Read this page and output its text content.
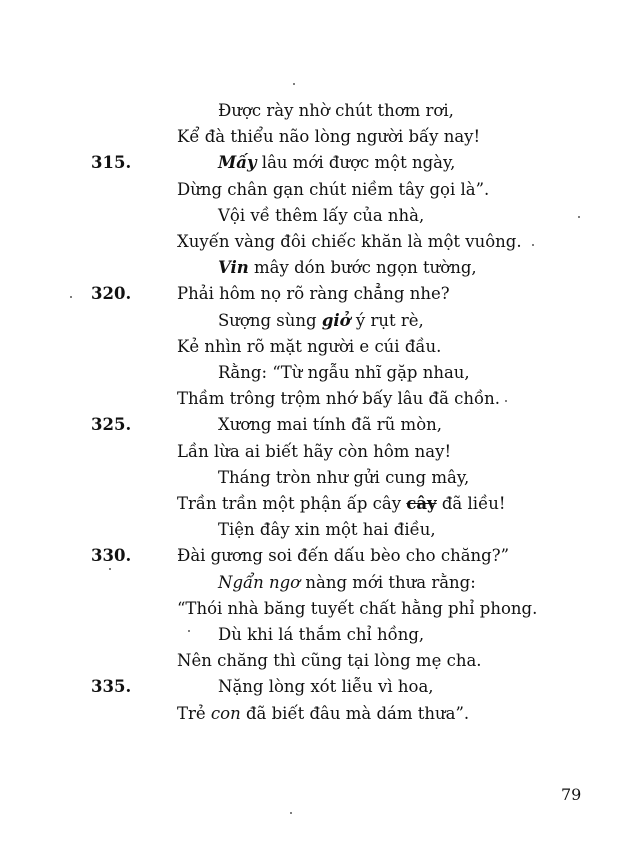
Được rày nhờ chút thơm rơi,
Kể đà thiểu não lòng người bấy nay!
Mấy lâu mới được một ngày,
Dừng chân gạn chút niềm tây gọi là”.
Vội về thêm lấy của nhà,
Xuyến vàng đôi chiếc khăn là một vuông.
Vin mây dón bước ngọn tường,
Phải hôm nọ rõ ràng chẳng nhe?
Sượng sùng giở ý rụt rè,
Kẻ nhìn rõ mặt người e cúi đầu.
Rằng: “Từ ngẫu nhĩ gặp nhau,
Thầm trông trộm nhớ bấy lâu đã chồn.
Xương mai tính đã rũ mòn,
Lần lừa ai biết hãy còn hôm nay!
Tháng tròn như gửi cung mây,
Trần trần một phận ấp cây cây đã liều!
Tiện đây xin một hai điều,
Đài gương soi đến dấu bèo cho chăng?”
Ngẩn ngơ nàng mới thưa rằng:
“Thói nhà băng tuyết chất hằng phỉ phong.
Dù khi lá thắm chỉ hồng,
Nên chăng thì cũng tại lòng mẹ cha.
Nặng lòng xót liễu vì hoa,
Trẻ con đã biết đâu mà dám thưa”.
315.
320.
325.
330.
335.
79
